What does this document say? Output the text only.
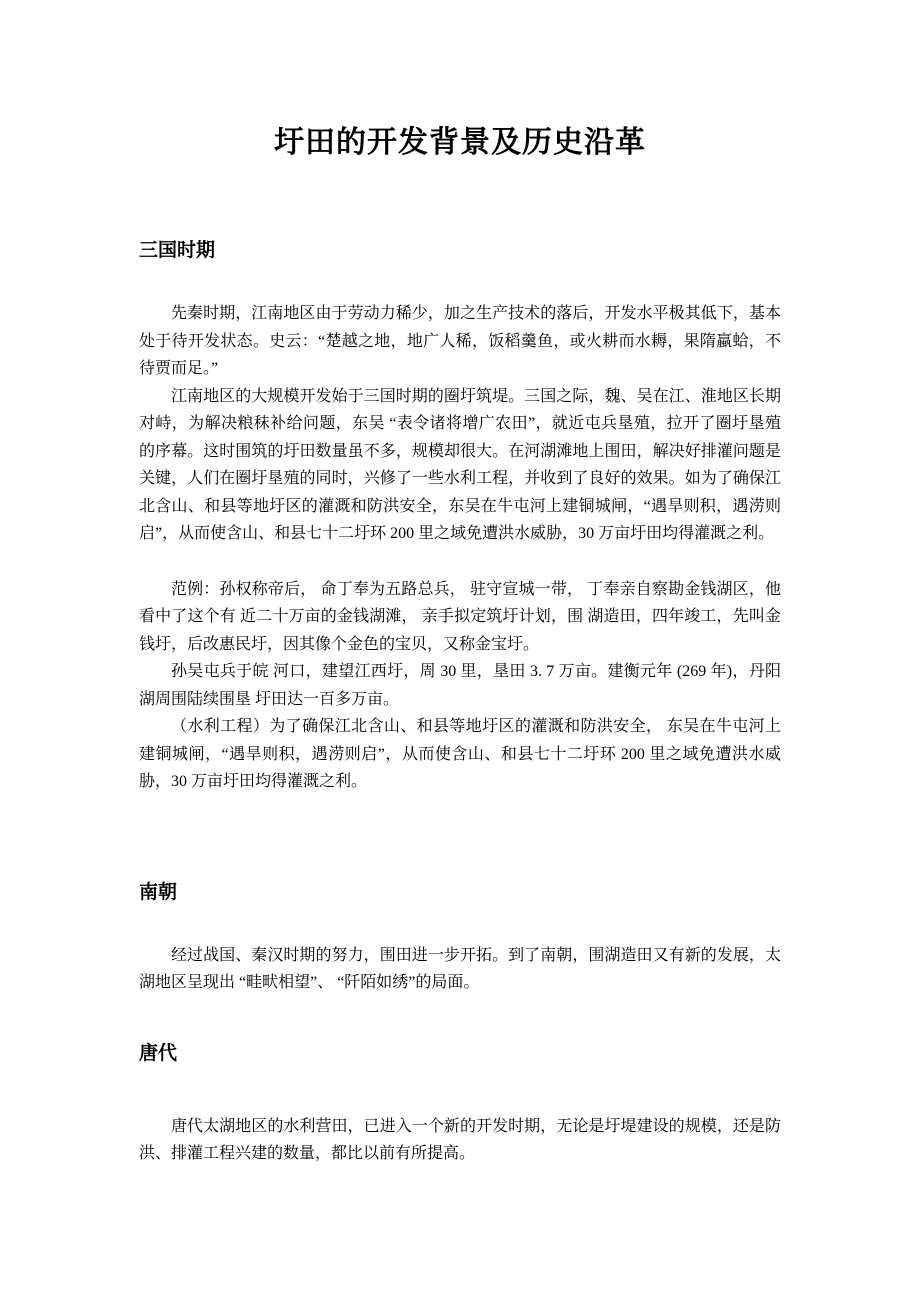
圩田的开发背景及历史沿革
三国时期

先秦时期，江南地区由于劳动力稀少，加之生产技术的落后，开发水平极其低下，基本处于待开发状态。史云：“楚越之地，地广人稀，饭稻羹鱼，或火耕而水耨，果隋蠃蛤，不待贾而足。”

江南地区的大规模开发始于三国时期的圈圩筑堤。三国之际，魏、吴在江、淮地区长期对峙，为解决粮秣补给问题，东吴 “表令诸将增广农田”，就近屯兵垦殖，拉开了圈圩垦殖的序幕。这时围筑的圩田数量虽不多，规模却很大。在河湖滩地上围田，解决好排灌问题是关键，人们在圈圩垦殖的同时，兴修了一些水利工程，并收到了良好的效果。如为了确保江北含山、和县等地圩区的灌溉和防洪安全，东吴在牛屯河上建铜城闸，“遇旱则积，遇涝则启”，从而使含山、和县七十二圩环 200 里之域免遭洪水威胁，30 万亩圩田均得灌溉之利。

范例：孙权称帝后， 命丁奉为五路总兵， 驻守宣城一带， 丁奉亲自察勘金钱湖区，他看中了这个有 近二十万亩的金钱湖滩， 亲手拟定筑圩计划，围 湖造田，四年竣工，先叫金钱圩，后改惠民圩，因其像个金色的宝贝，又称金宝圩。

孙吴屯兵于皖 河口，建望江西圩，周 30 里，垦田 3. 7 万亩。建衡元年 (269 年)，丹阳湖周围陆续围垦 圩田达一百多万亩。

（水利工程）为了确保江北含山、和县等地圩区的灌溉和防洪安全， 东吴在牛屯河上建铜城闸，“遇旱则积，遇涝则启”，从而使含山、和县七十二圩环 200 里之域免遭洪水威胁，30 万亩圩田均得灌溉之利。

南朝

经过战国、秦汉时期的努力，围田进一步开拓。到了南朝，围湖造田又有新的发展，太湖地区呈现出 “畦畎相望”、 “阡陌如绣”的局面。

唐代

唐代太湖地区的水利营田，已进入一个新的开发时期，无论是圩堤建设的规模，还是防洪、排灌工程兴建的数量，都比以前有所提高。
